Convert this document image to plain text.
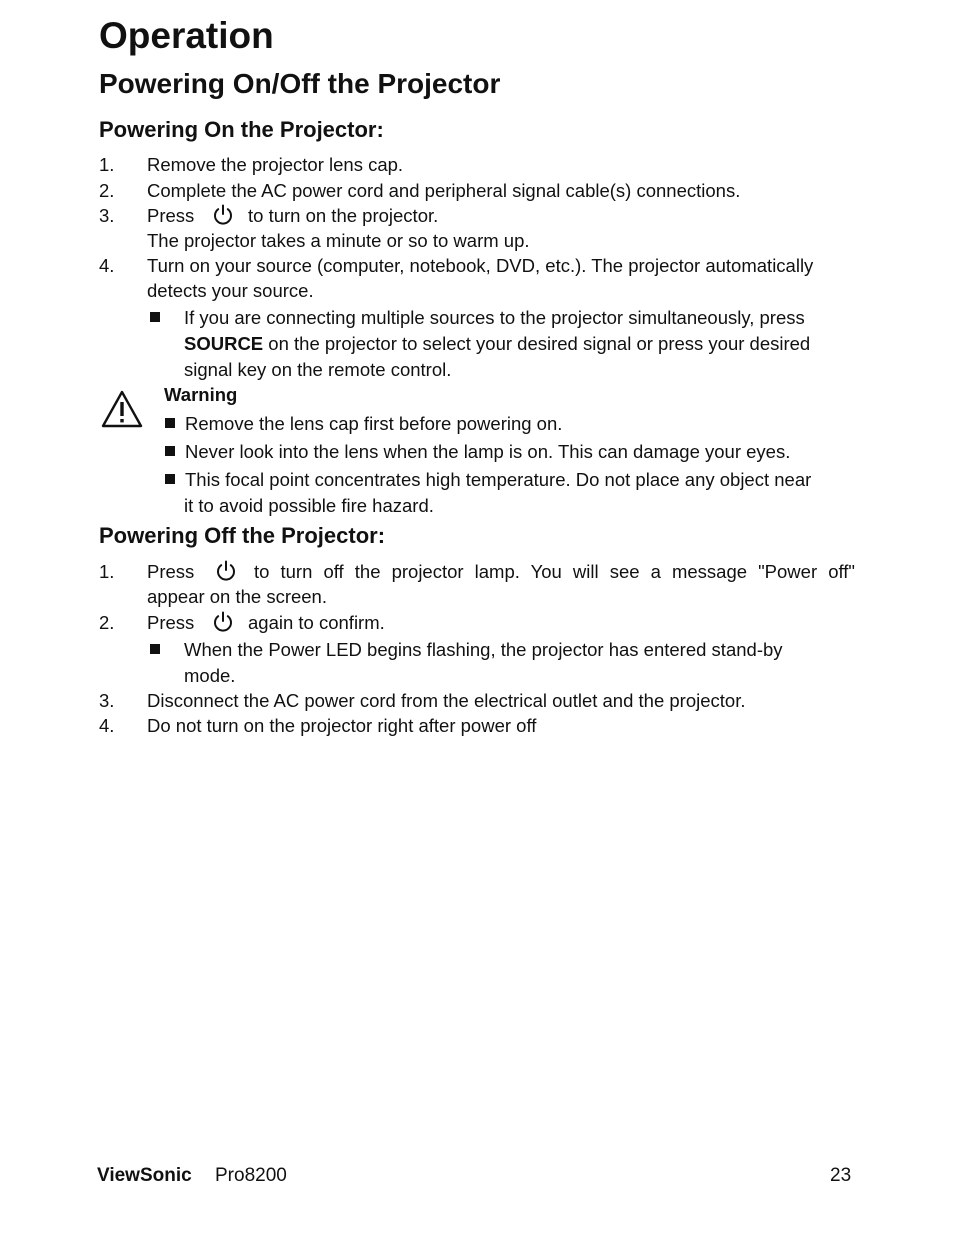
Operation
Powering On/Off the Projector
Powering On the Projector:
1. Remove the projector lens cap.
2. Complete the AC power cord and peripheral signal cable(s) connections.
3. Press	to turn on the projector.
The projector takes a minute or so to warm up.
4. Turn on your source (computer, notebook, DVD, etc.). The projector automatically
detects your source.
If you are connecting multiple sources to the projector simultaneously, press
SOURCE on the projector to select your desired signal or press your desired
signal key on the remote control.
Warning
Remove the lens cap first before powering on.
Never look into the lens when the lamp is on. This can damage your eyes.
This focal point concentrates high temperature. Do not place any object near
it to avoid possible fire hazard.
Powering Off the Projector:
1. Press	to turn off the projector lamp. You will see a message "Power off"
appear on the screen.
2. Press	again to confirm.
When the Power LED begins flashing, the projector has entered stand-by
mode.
3. Disconnect the AC power cord from the electrical outlet and the projector.
4. Do not turn on the projector right after power off
ViewSonic Pro8200	23
